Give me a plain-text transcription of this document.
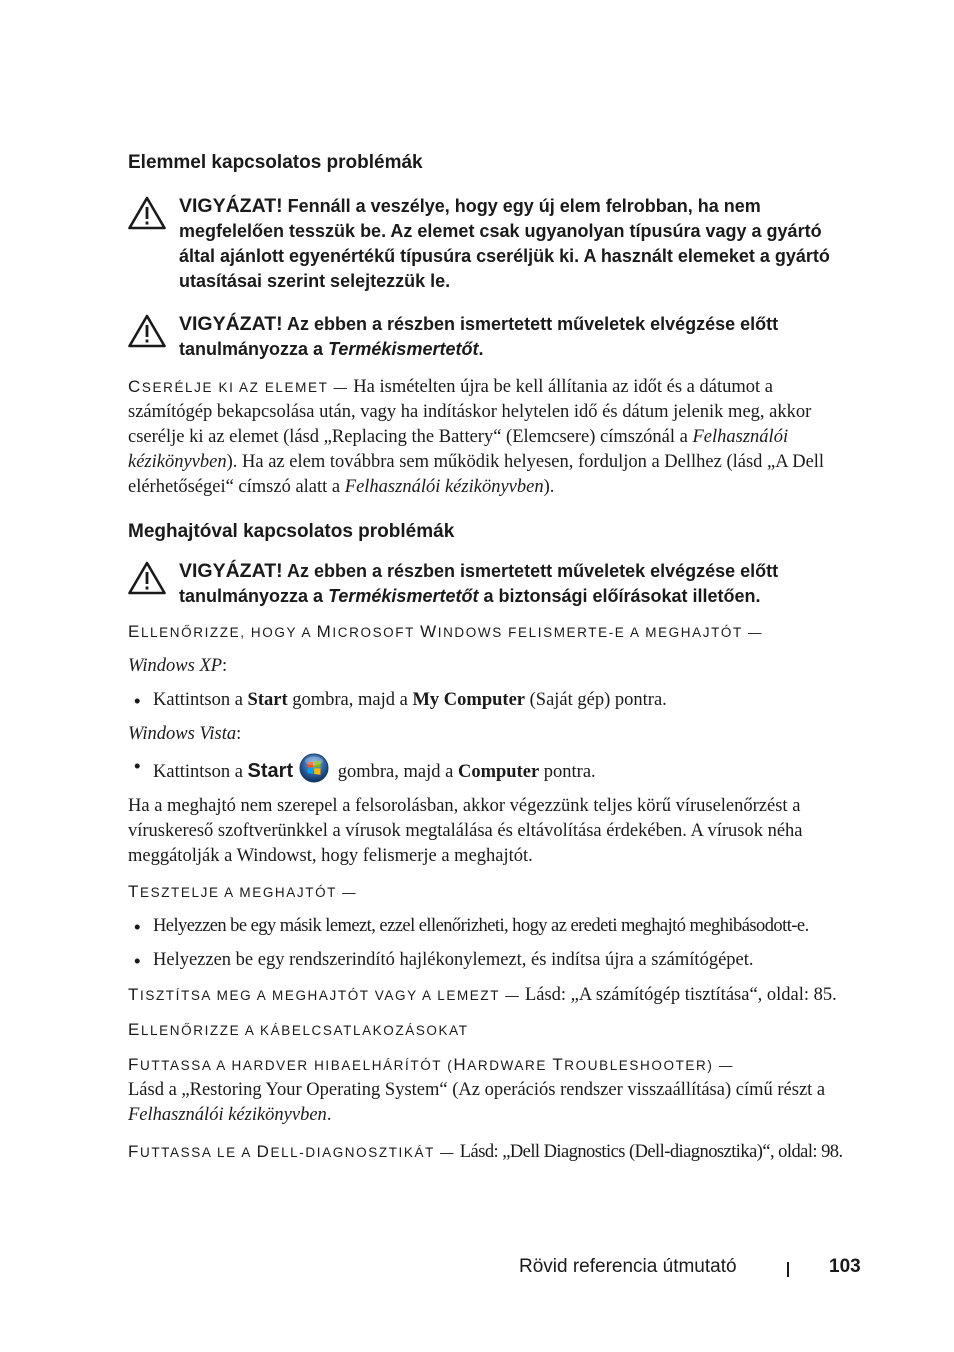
Elemmel kapcsolatos problémák
VIGYÁZAT! Fennáll a veszélye, hogy egy új elem felrobban, ha nem megfelelően tesszük be. Az elemet csak ugyanolyan típusúra vagy a gyártó által ajánlott egyenértékű típusúra cseréljük ki. A használt elemeket a gyártó utasításai szerint selejtezzük le.
VIGYÁZAT! Az ebben a részben ismertetett műveletek elvégzése előtt tanulmányozza a Termékismertetőt.

CSERÉLJE KI AZ ELEMET — Ha ismételten újra be kell állítania az időt és a dátumot a számítógép bekapcsolása után, vagy ha indításkor helytelen idő és dátum jelenik meg, akkor cserélje ki az elemet (lásd „Replacing the Battery“ (Elemcsere) címszónál a Felhasználói kézikönyvben). Ha az elem továbbra sem működik helyesen, forduljon a Dellhez (lásd „A Dell elérhetőségei“ címszó alatt a Felhasználói kézikönyvben).

Meghajtóval kapcsolatos problémák
VIGYÁZAT! Az ebben a részben ismertetett műveletek elvégzése előtt tanulmányozza a Termékismertetőt a biztonsági előírásokat illetően.

ELLENŐRIZZE, HOGY A MICROSOFT WINDOWS FELISMERTE-E A MEGHAJTÓT —

Windows XP:

• Kattintson a Start gombra, majd a My Computer (Saját gép) pontra.

Windows Vista:

• Kattintson a Start gombra, majd a Computer pontra.

Ha a meghajtó nem szerepel a felsorolásban, akkor végezzünk teljes körű víruselenőrzést a víruskereső szoftverünkkel a vírusok megtalálása és eltávolítása érdekében. A vírusok néha meggátolják a Windowst, hogy felismerje a meghajtót.

TESZTELJE A MEGHAJTÓT —

• Helyezzen be egy másik lemezt, ezzel ellenőrizheti, hogy az eredeti meghajtó meghibásodott-e.
• Helyezzen be egy rendszerindító hajlékonylemezt, és indítsa újra a számítógépet.

TISZTÍTSA MEG A MEGHAJTÓT VAGY A LEMEZT — Lásd: „A számítógép tisztítása“, oldal: 85.

ELLENŐRIZZE A KÁBELCSATLAKOZÁSOKAT

FUTTASSA A HARDVER HIBAELHÁRÍTÓT (HARDWARE TROUBLESHOOTER) —

Lásd a „Restoring Your Operating System“ (Az operációs rendszer visszaállítása) című részt a Felhasználói kézikönyvben.

FUTTASSA LE A DELL-DIAGNOSZTIKÁT — Lásd: „Dell Diagnostics (Dell-diagnosztika)“, oldal: 98.

Rövid referencia útmutató	103
